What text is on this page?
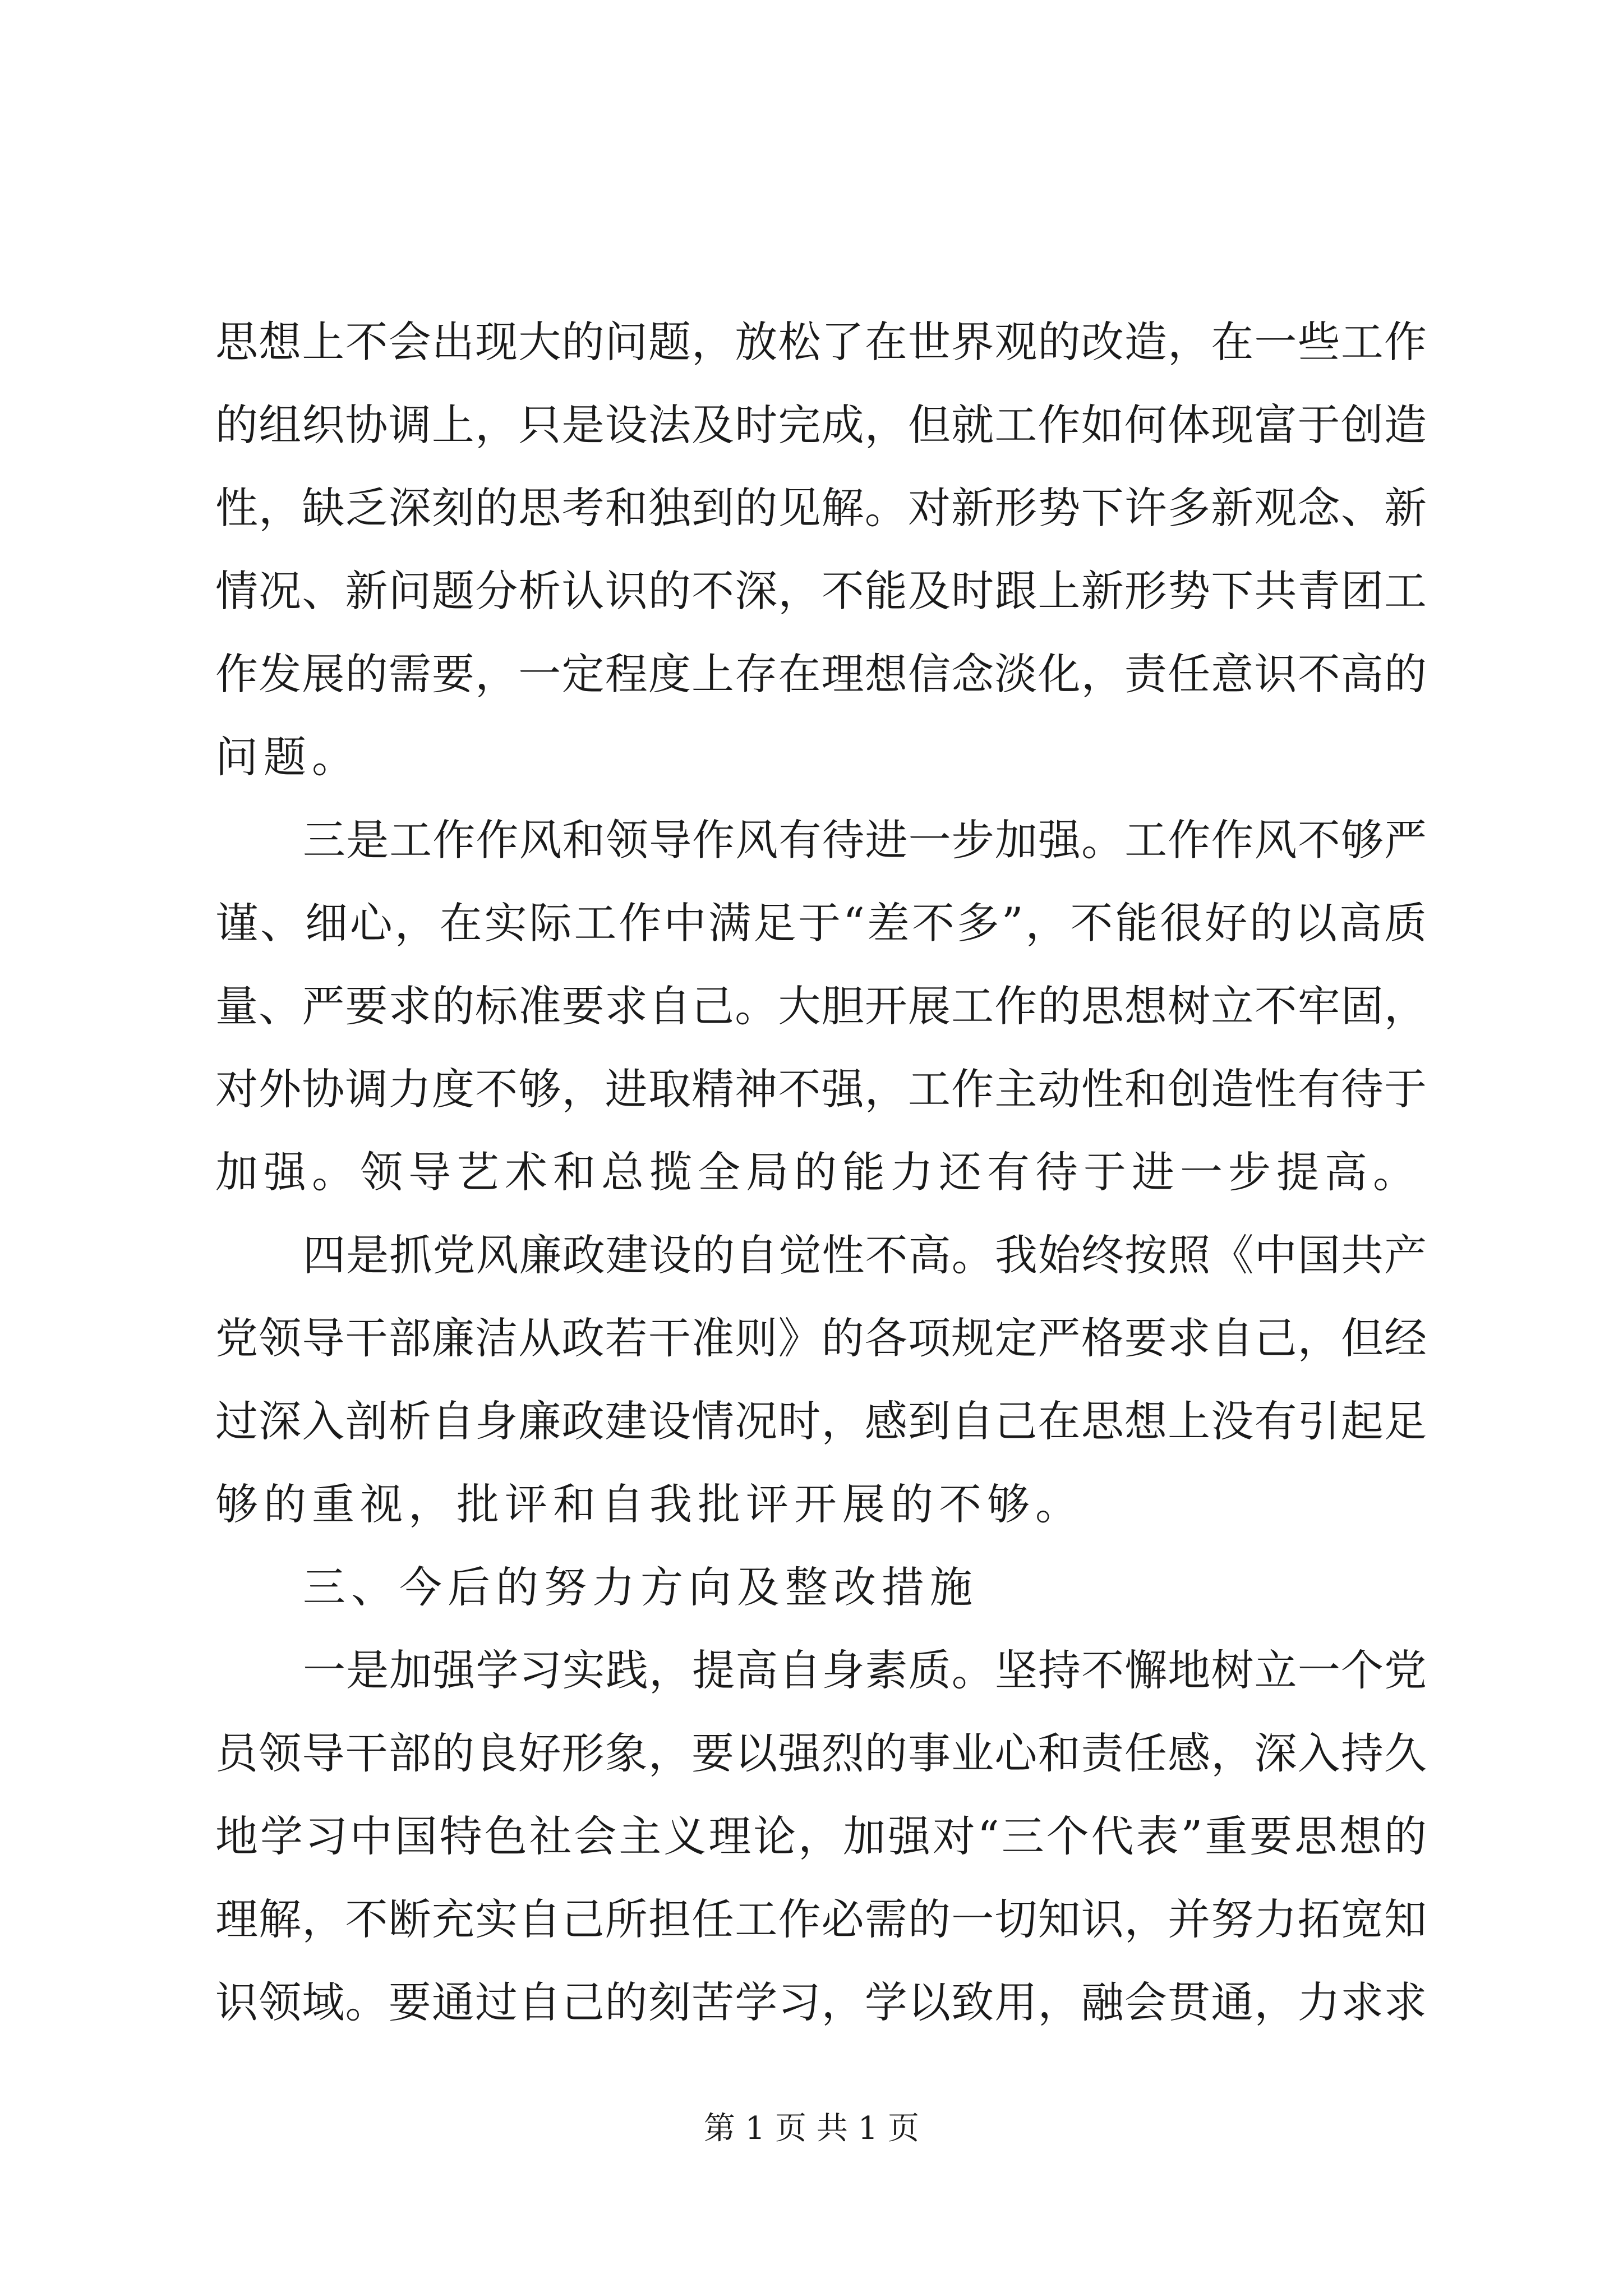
思想上不会出现大的问题，放松了在世界观的改造，在一些工作
的组织协调上，只是设法及时完成，但就工作如何体现富于创造
性，缺乏深刻的思考和独到的见解。对新形势下许多新观念、新
情况、新问题分析认识的不深，不能及时跟上新形势下共青团工
作发展的需要，一定程度上存在理想信念淡化，责任意识不高的
问题。
三是工作作风和领导作风有待进一步加强。工作作风不够严
谨、细心，在实际工作中满足于“差不多”，不能很好的以高质
量、严要求的标准要求自己。大胆开展工作的思想树立不牢固，
对外协调力度不够，进取精神不强，工作主动性和创造性有待于
加强。领导艺术和总揽全局的能力还有待于进一步提高。
四是抓党风廉政建设的自觉性不高。我始终按照《中国共产
党领导干部廉洁从政若干准则》的各项规定严格要求自己，但经
过深入剖析自身廉政建设情况时，感到自己在思想上没有引起足
够的重视，批评和自我批评开展的不够。
三、今后的努力方向及整改措施
一是加强学习实践，提高自身素质。坚持不懈地树立一个党
员领导干部的良好形象，要以强烈的事业心和责任感，深入持久
地学习中国特色社会主义理论，加强对“三个代表”重要思想的
理解，不断充实自己所担任工作必需的一切知识，并努力拓宽知
识领域。要通过自己的刻苦学习，学以致用，融会贯通，力求求
第 1 页 共 1 页
